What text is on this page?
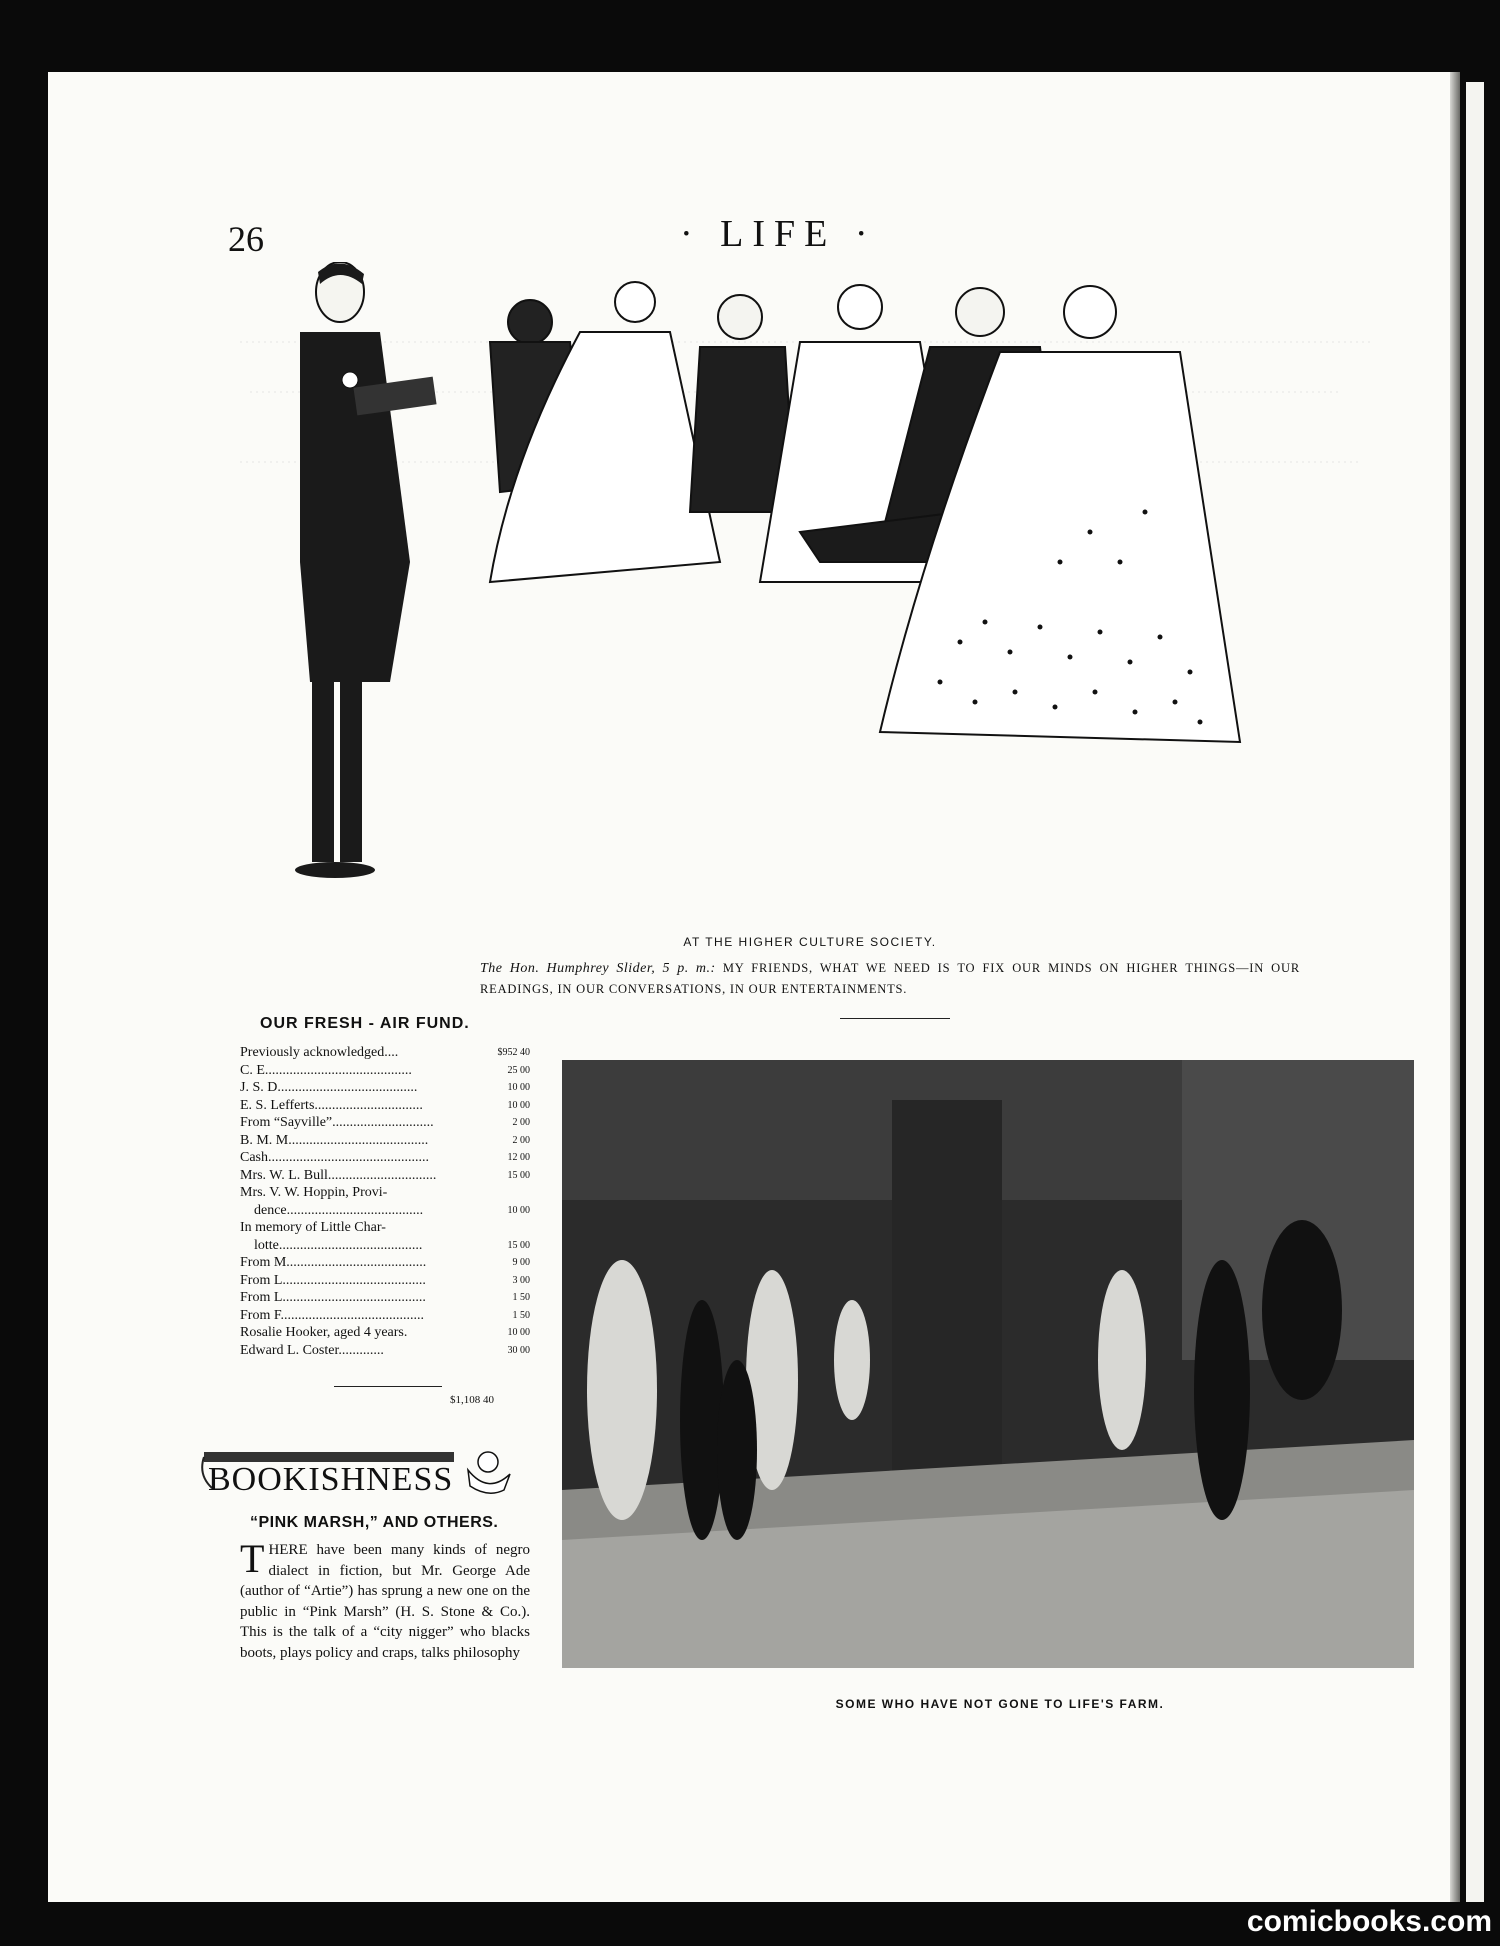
26	· LIFE ·
AT THE HIGHER CULTURE SOCIETY.
The Hon. Humphrey Slider, 5 p. m.: MY FRIENDS, WHAT WE NEED IS TO FIX OUR MINDS ON HIGHER THINGS—IN OUR READINGS, IN OUR CONVERSATIONS, IN OUR ENTERTAINMENTS.
OUR FRESH - AIR FUND.
Previously acknowledged....	$952 40
C. E..........................................	25 00
J. S. D........................................	10 00
E. S. Lefferts...............................	10 00
From “Sayville”.............................	2 00
B. M. M........................................	2 00
Cash..............................................	12 00
Mrs. W. L. Bull...............................	15 00
Mrs. V. W. Hoppin, Provi-
dence.......................................	10 00
In memory of Little Char-
lotte.........................................	15 00
From M........................................	9 00
From L.........................................	3 00
From L.........................................	1 50
From F.........................................	1 50
Rosalie Hooker, aged 4 years.	10 00
Edward L. Coster.............	30 00
$1,108 40
BOOKISHNESS
“PINK MARSH,” AND OTHERS.
THERE have been many kinds of negro dialect in fiction, but Mr. George Ade (author of “Artie”) has sprung a new one on the public in “Pink Marsh” (H. S. Stone & Co.). This is the talk of a “city nigger” who blacks boots, plays policy and craps, talks philosophy
SOME WHO HAVE NOT GONE TO LIFE'S FARM.
comicbooks.com
